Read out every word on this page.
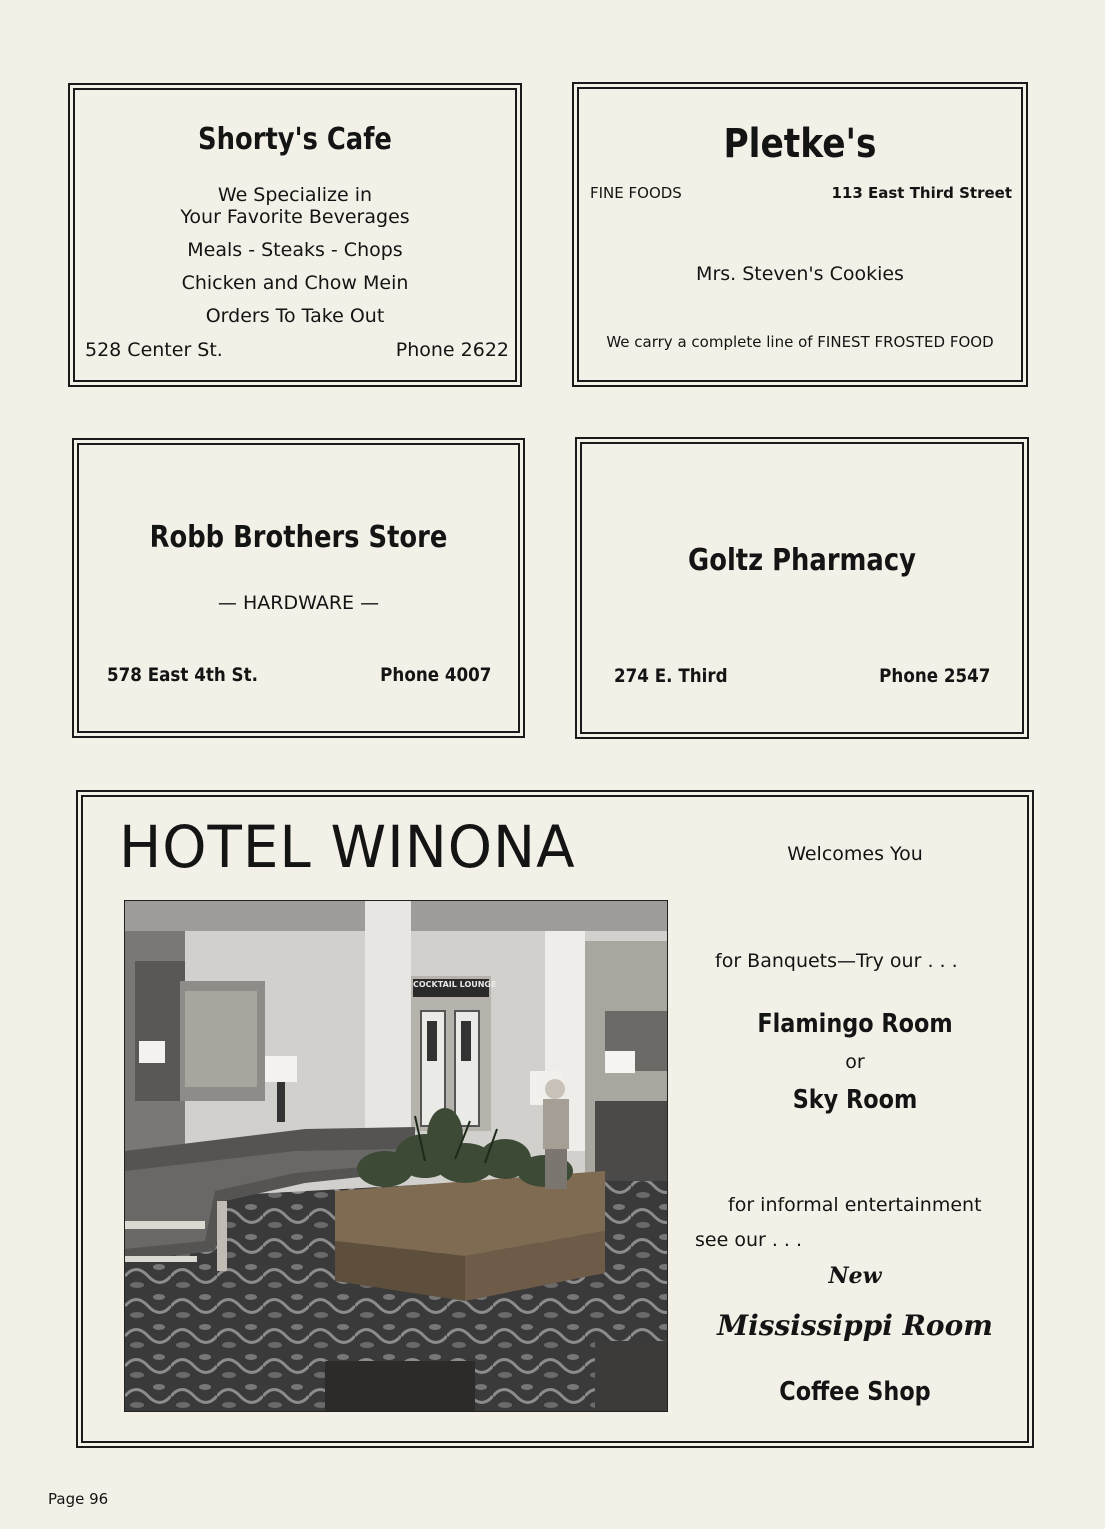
Shorty's Cafe
We Specialize in
Your Favorite Beverages
Meals - Steaks - Chops
Chicken and Chow Mein
Orders To Take Out
528 Center St.	Phone 2622
Pletke's
FINE FOODS	113 East Third Street
Mrs. Steven's Cookies
We carry a complete line of FINEST FROSTED FOOD
Robb Brothers Store
— HARDWARE —
578 East 4th St.	Phone 4007
Goltz Pharmacy
274 E. Third	Phone 2547
HOTEL WINONA
COCKTAIL LOUNGE
Welcomes You
for Banquets—Try our . . .
Flamingo Room
or
Sky Room
for informal entertainment
see our . . .
New
Mississippi Room
Coffee Shop
Page 96
